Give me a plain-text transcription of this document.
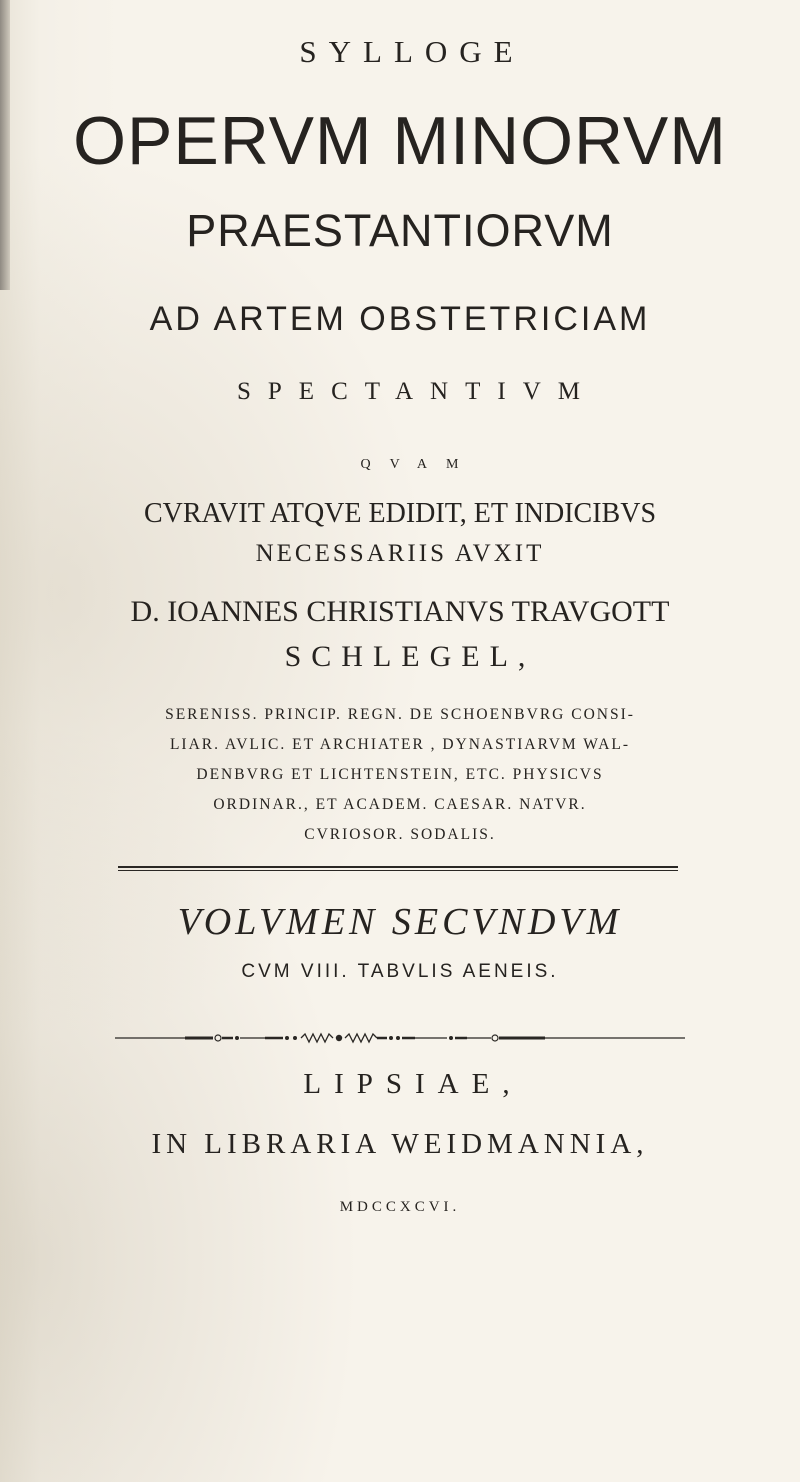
SYLLOGE
OPERVM MINORVM
PRAESTANTIORVM
AD ARTEM OBSTETRICIAM
SPECTANTIVM
QVAM
CVRAVIT ATQVE EDIDIT, ET INDICIBVS
NECESSARIIS AVXIT
D. IOANNES CHRISTIANVS TRAVGOTT
SCHLEGEL,
SERENISS. PRINCIP. REGN. DE SCHOENBVRG CONSI-
LIAR. AVLIC. ET ARCHIATER , DYNASTIARVM WAL-
DENBVRG ET LICHTENSTEIN, ETC. PHYSICVS
ORDINAR., ET ACADEM. CAESAR. NATVR.
CVRIOSOR. SODALIS.
VOLVMEN SECVNDVM
CVM VIII. TABVLIS AENEIS.
LIPSIAE,
IN LIBRARIA WEIDMANNIA,
MDCCXCVI.
